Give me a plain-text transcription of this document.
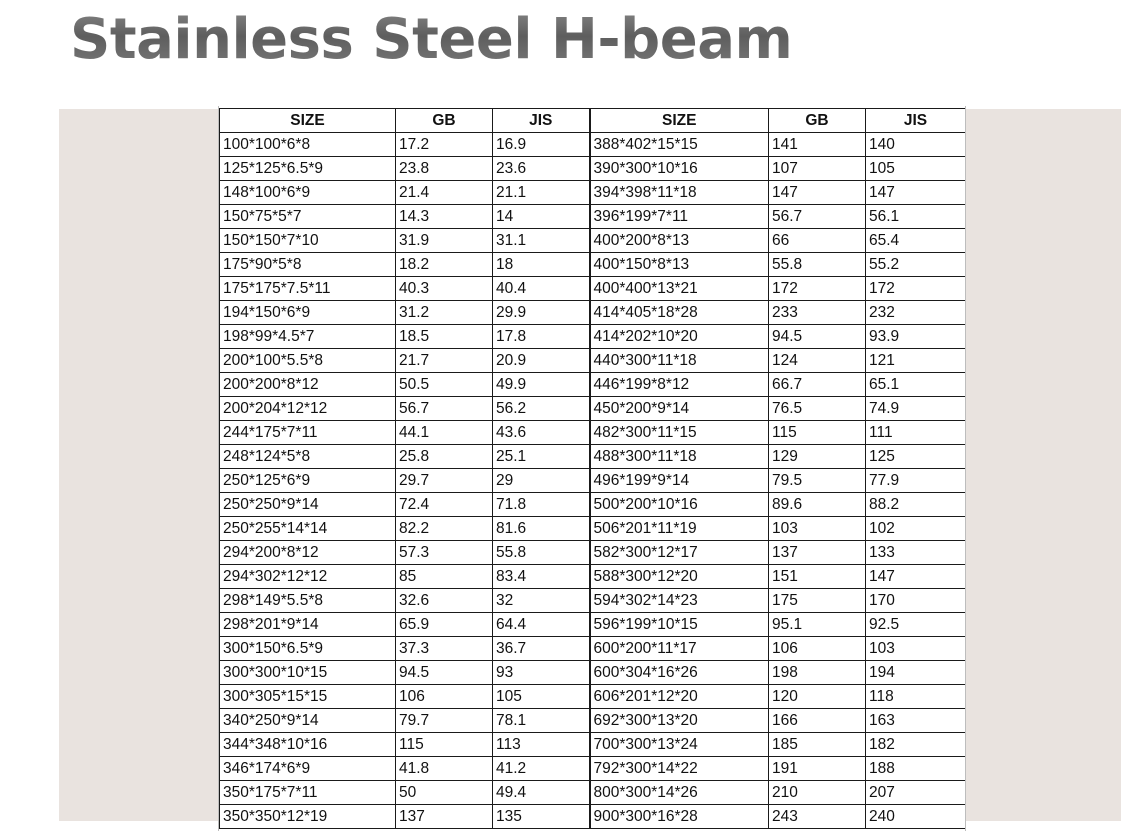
Stainless Steel H-beam
SIZE	GB	JIS	SIZE	GB	JIS
100*100*6*8	17.2	16.9	388*402*15*15	141	140
125*125*6.5*9	23.8	23.6	390*300*10*16	107	105
148*100*6*9	21.4	21.1	394*398*11*18	147	147
150*75*5*7	14.3	14	396*199*7*11	56.7	56.1
150*150*7*10	31.9	31.1	400*200*8*13	66	65.4
175*90*5*8	18.2	18	400*150*8*13	55.8	55.2
175*175*7.5*11	40.3	40.4	400*400*13*21	172	172
194*150*6*9	31.2	29.9	414*405*18*28	233	232
198*99*4.5*7	18.5	17.8	414*202*10*20	94.5	93.9
200*100*5.5*8	21.7	20.9	440*300*11*18	124	121
200*200*8*12	50.5	49.9	446*199*8*12	66.7	65.1
200*204*12*12	56.7	56.2	450*200*9*14	76.5	74.9
244*175*7*11	44.1	43.6	482*300*11*15	115	111
248*124*5*8	25.8	25.1	488*300*11*18	129	125
250*125*6*9	29.7	29	496*199*9*14	79.5	77.9
250*250*9*14	72.4	71.8	500*200*10*16	89.6	88.2
250*255*14*14	82.2	81.6	506*201*11*19	103	102
294*200*8*12	57.3	55.8	582*300*12*17	137	133
294*302*12*12	85	83.4	588*300*12*20	151	147
298*149*5.5*8	32.6	32	594*302*14*23	175	170
298*201*9*14	65.9	64.4	596*199*10*15	95.1	92.5
300*150*6.5*9	37.3	36.7	600*200*11*17	106	103
300*300*10*15	94.5	93	600*304*16*26	198	194
300*305*15*15	106	105	606*201*12*20	120	118
340*250*9*14	79.7	78.1	692*300*13*20	166	163
344*348*10*16	115	113	700*300*13*24	185	182
346*174*6*9	41.8	41.2	792*300*14*22	191	188
350*175*7*11	50	49.4	800*300*14*26	210	207
350*350*12*19	137	135	900*300*16*28	243	240
